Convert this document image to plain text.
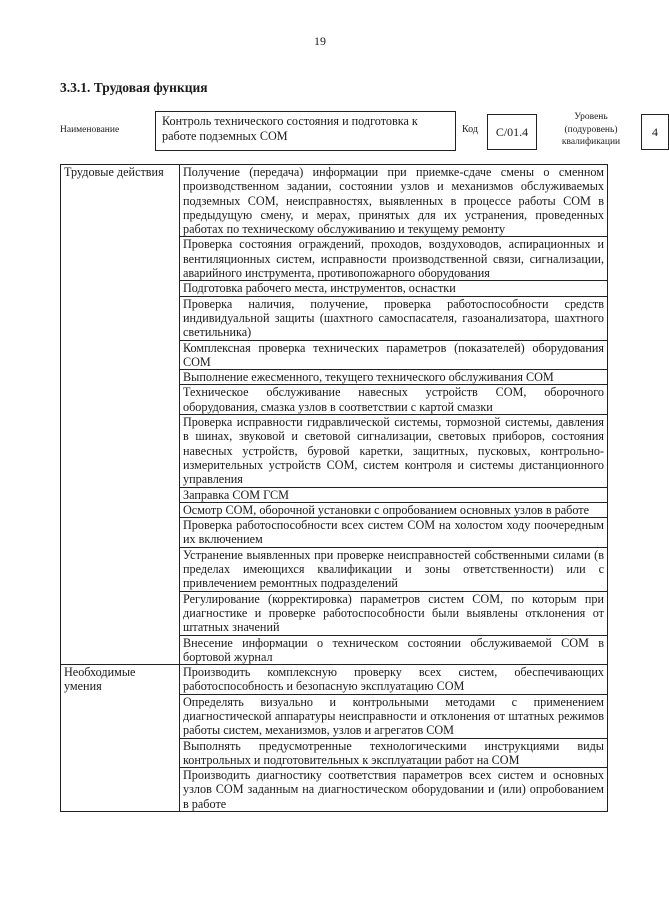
19
3.3.1. Трудовая функция
Наименование
Контроль технического состояния и подготовка к работе подземных СОМ	Код	С/01.4
Уровень
(подуровень)
квалификации
4
Трудовые действия	Получение (передача) информации при приемке-сдаче смены о сменном производственном задании, состоянии узлов и механизмов обслуживаемых подземных СОМ, неисправностях, выявленных в процессе работы СОМ в предыдущую смену, и мерах, принятых для их устранения, проведенных работах по техническому обслуживанию и текущему ремонту
	Проверка состояния ограждений, проходов, воздуховодов, аспирационных и вентиляционных систем, исправности производственной связи, сигнализации, аварийного инструмента, противопожарного оборудования
	Подготовка рабочего места, инструментов, оснастки
	Проверка наличия, получение, проверка работоспособности средств индивидуальной защиты (шахтного самоспасателя, газоанализатора, шахтного светильника)
	Комплексная проверка технических параметров (показателей) оборудования СОМ
	Выполнение ежесменного, текущего технического обслуживания СОМ
	Техническое обслуживание навесных устройств СОМ, оборочного оборудования, смазка узлов в соответствии с картой смазки
	Проверка исправности гидравлической системы, тормозной системы, давления в шинах, звуковой и световой сигнализации, световых приборов, состояния навесных устройств, буровой каретки, защитных, пусковых, контрольно-измерительных устройств СОМ, систем контроля и системы дистанционного управления
	Заправка СОМ ГСМ
	Осмотр СОМ, оборочной установки с опробованием основных узлов в работе
	Проверка работоспособности всех систем СОМ на холостом ходу поочередным их включением
	Устранение выявленных при проверке неисправностей собственными силами (в пределах имеющихся квалификации и зоны ответственности) или с привлечением ремонтных подразделений
	Регулирование (корректировка) параметров систем СОМ, по которым при диагностике и проверке работоспособности были выявлены отклонения от штатных значений
	Внесение информации о техническом состоянии обслуживаемой СОМ в бортовой журнал
Необходимые умения	Производить комплексную проверку всех систем, обеспечивающих работоспособность и безопасную эксплуатацию СОМ
	Определять визуально и контрольными методами с применением диагностической аппаратуры неисправности и отклонения от штатных режимов работы систем, механизмов, узлов и агрегатов СОМ
	Выполнять предусмотренные технологическими инструкциями виды контрольных и подготовительных к эксплуатации работ на СОМ
	Производить диагностику соответствия параметров всех систем и основных узлов СОМ заданным на диагностическом оборудовании и (или) опробованием в работе
